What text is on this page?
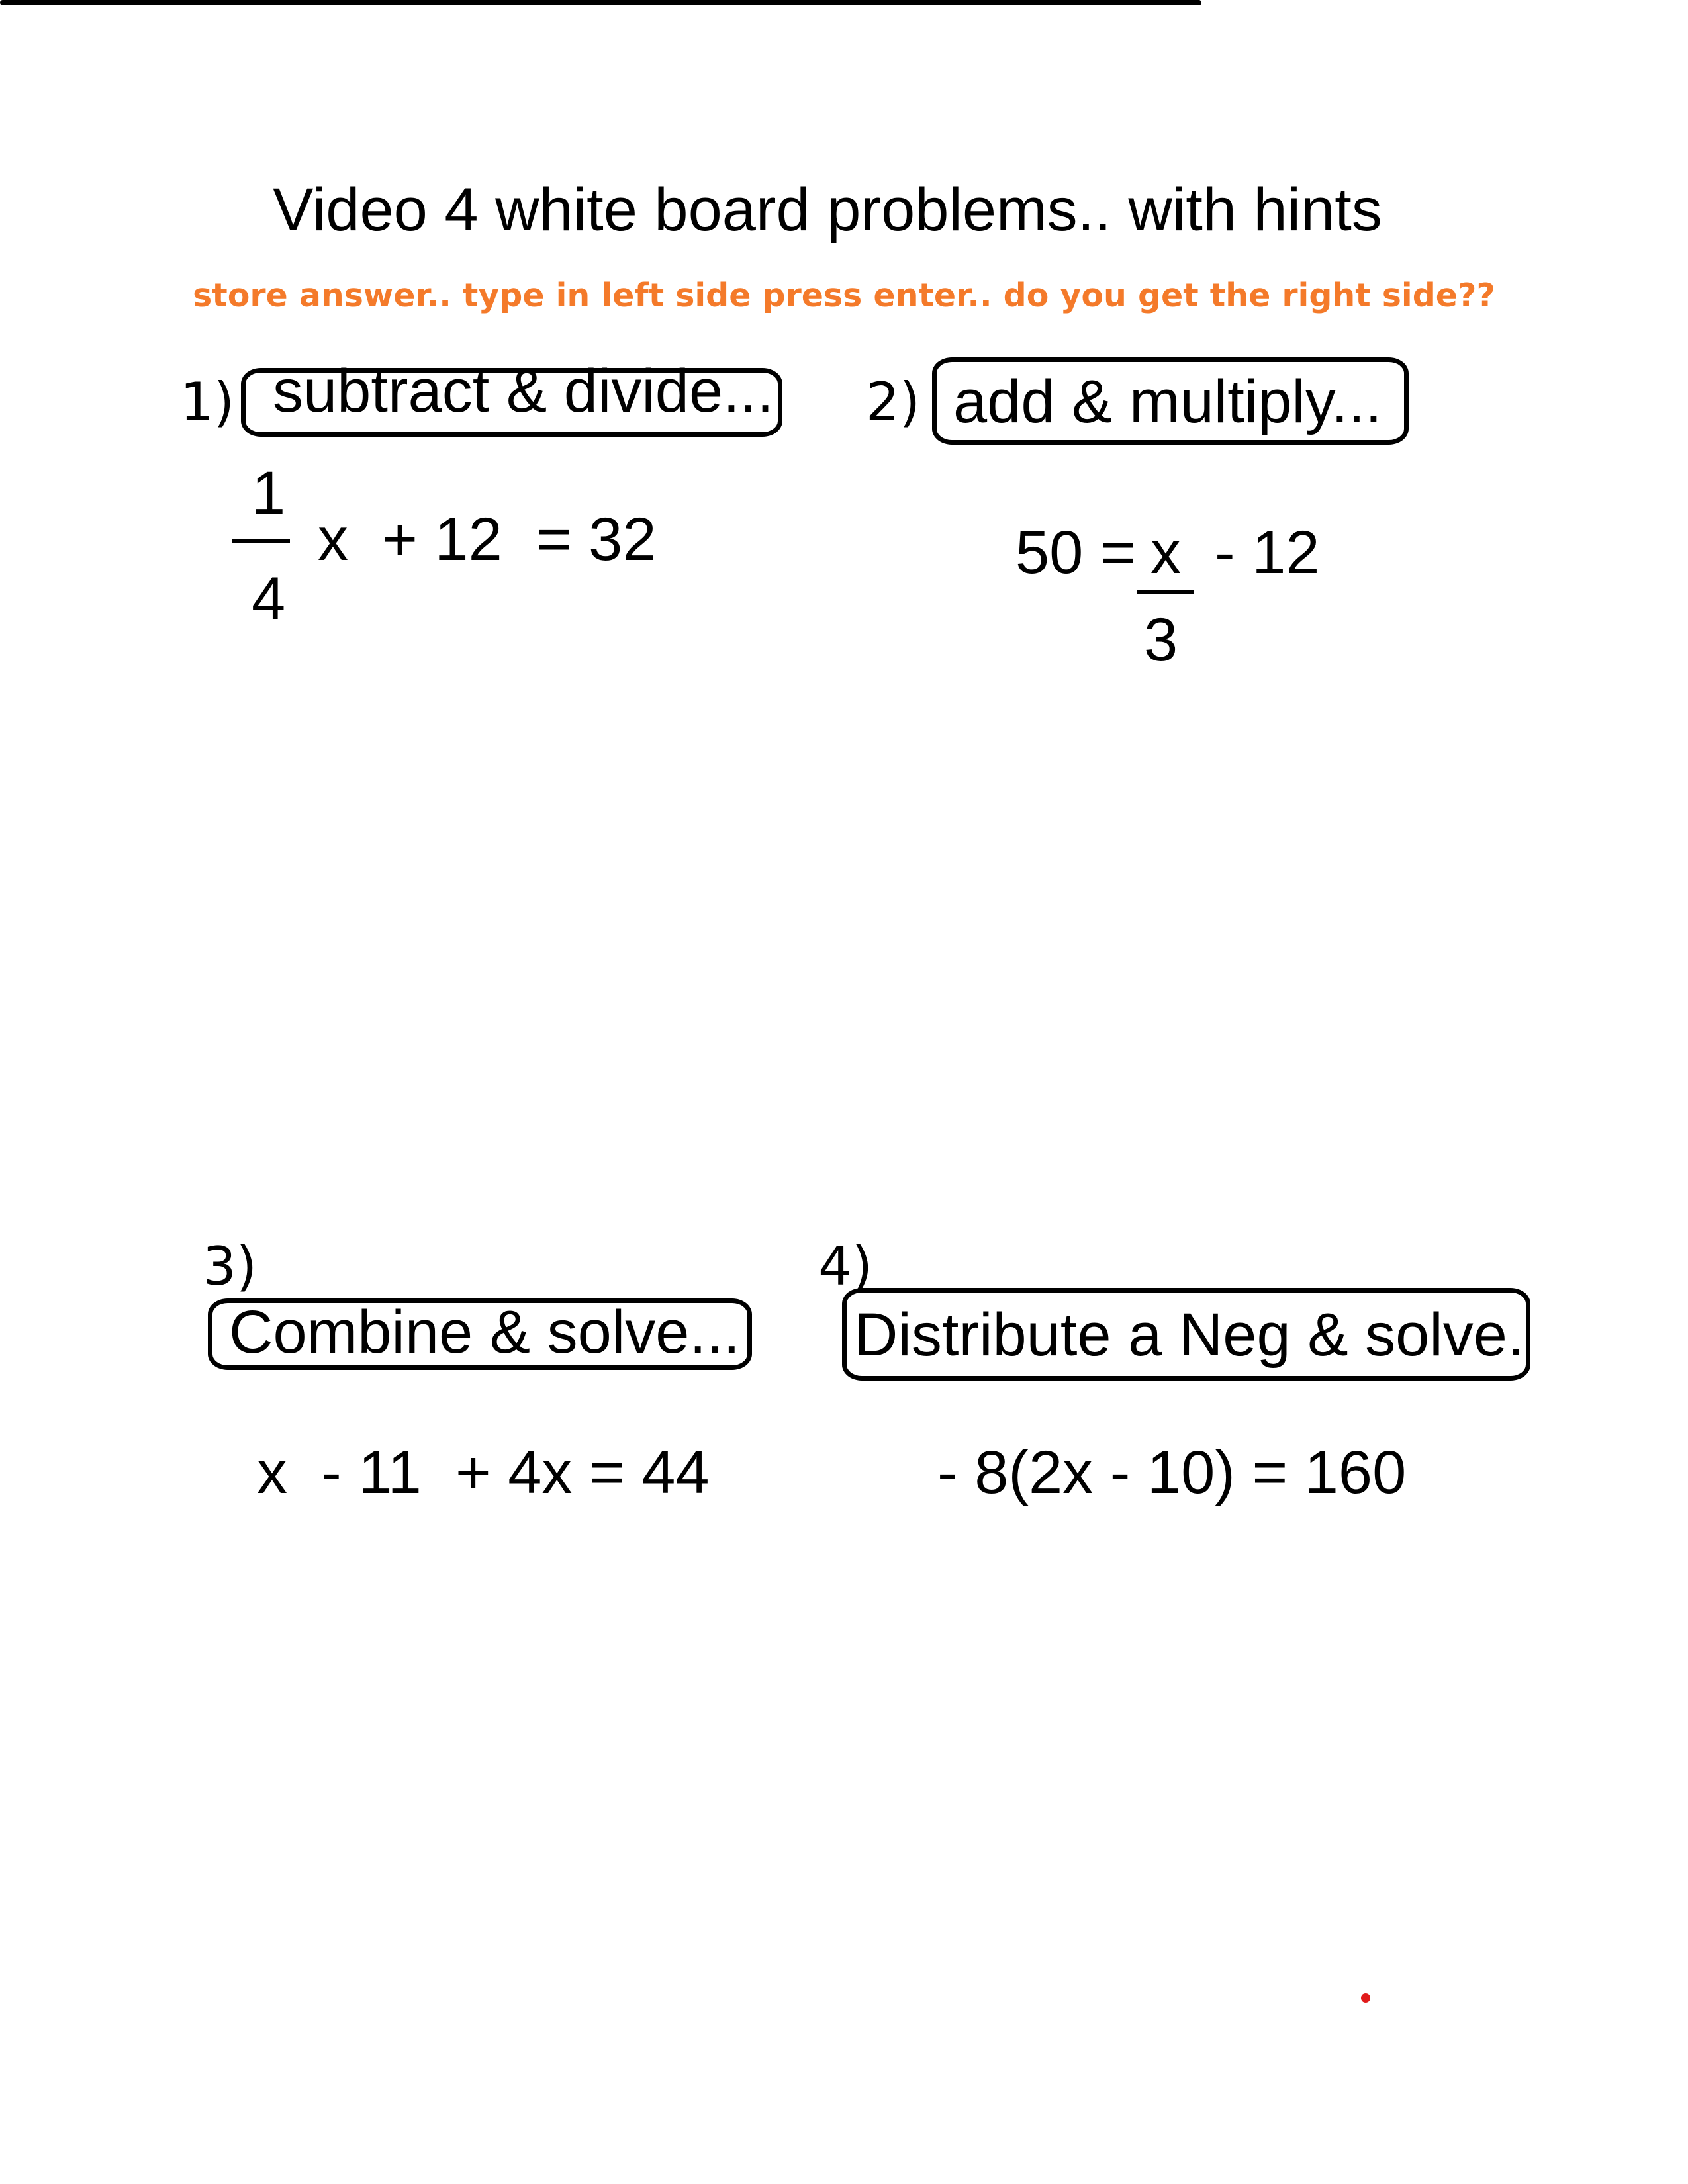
Video 4 white board problems.. with hints
store answer.. type in left side press enter.. do you get the right side??
1) subtract & divide...
1
4
x  + 12  = 32
2) add & multiply...
50 =
x
3
- 12
3)
Combine & solve...
x  - 11  + 4x = 44
4)
Distribute a Neg & solve.
- 8(2x - 10) = 160
